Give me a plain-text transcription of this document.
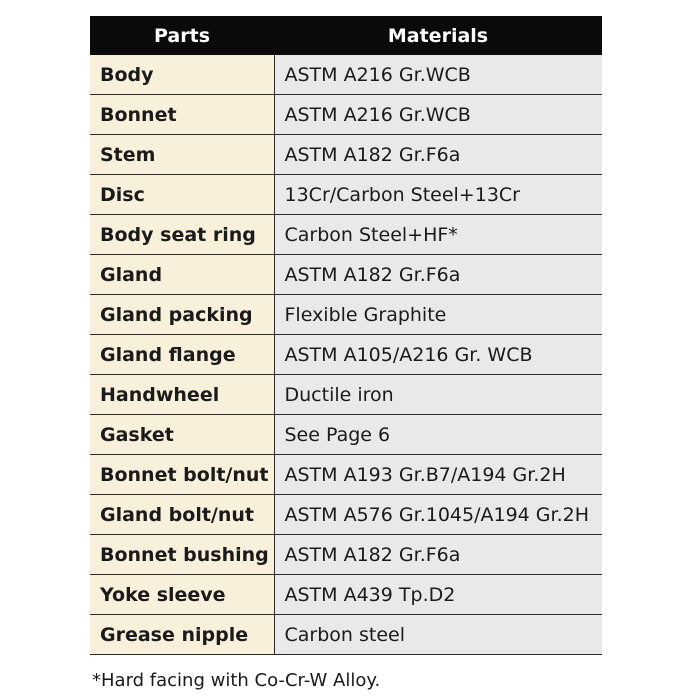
Parts	Materials
Body	ASTM A216 Gr.WCB
Bonnet	ASTM A216 Gr.WCB
Stem	ASTM A182 Gr.F6a
Disc	13Cr/Carbon Steel+13Cr
Body seat ring	Carbon Steel+HF*
Gland	ASTM A182 Gr.F6a
Gland packing	Flexible Graphite
Gland flange	ASTM A105/A216 Gr. WCB
Handwheel	Ductile iron
Gasket	See Page 6
Bonnet bolt/nut	ASTM A193 Gr.B7/A194 Gr.2H
Gland bolt/nut	ASTM A576 Gr.1045/A194 Gr.2H
Bonnet bushing	ASTM A182 Gr.F6a
Yoke sleeve	ASTM A439 Tp.D2
Grease nipple	Carbon steel
*Hard facing with Co-Cr-W Alloy.
